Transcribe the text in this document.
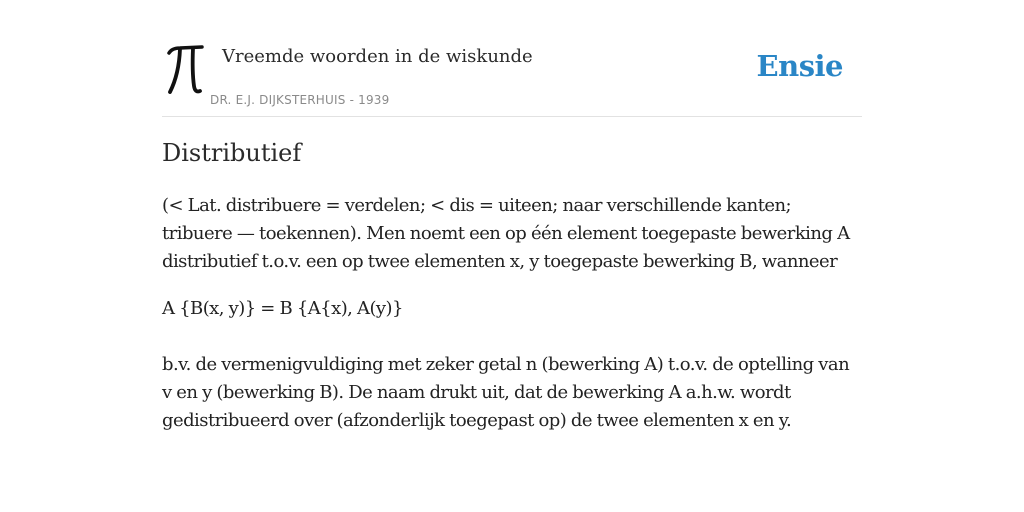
Vreemde woorden in de wiskunde
DR. E.J. DIJKSTERHUIS - 1939
Ensie
Distributief

(< Lat. distribuere = verdelen; < dis = uiteen; naar verschillende kanten; tribuere — toekennen). Men noemt een op één element toegepaste bewerking A distributief t.o.v. een op twee elementen x, y toegepaste bewerking B, wanneer

A {B(x, y)} = B {A{x), A(y)}

b.v. de vermenigvuldiging met zeker getal n (bewerking A) t.o.v. de optelling van v en y (bewerking B). De naam drukt uit, dat de bewerking A a.h.w. wordt gedistribueerd over (afzonderlijk toegepast op) de twee elementen x en y.
